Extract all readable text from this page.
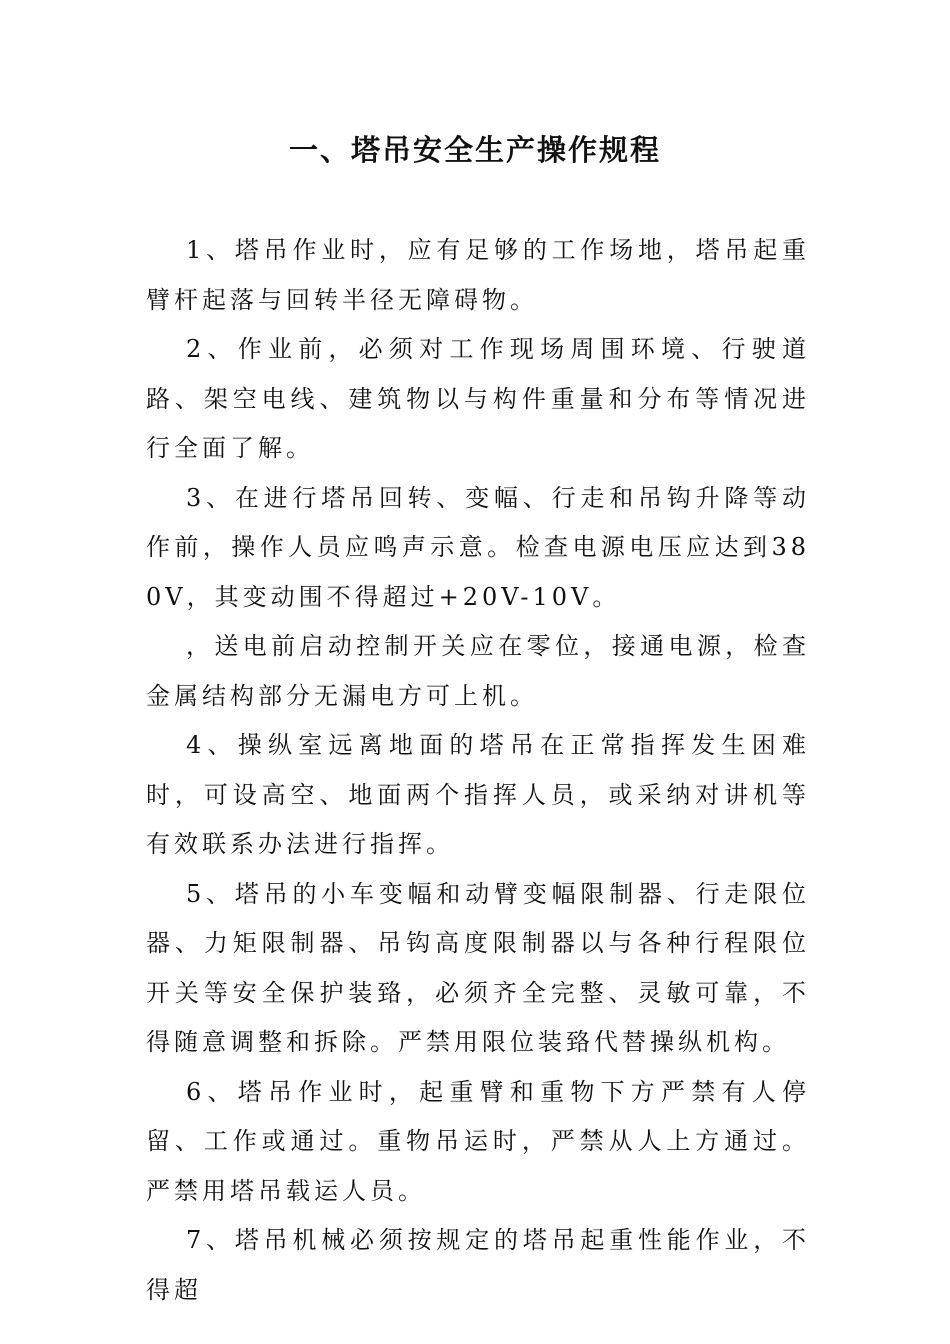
一、塔吊安全生产操作规程

1、塔吊作业时，应有足够的工作场地，塔吊起重臂杆起落与回转半径无障碍物。

2、作业前，必须对工作现场周围环境、行驶道路、架空电线、建筑物以与构件重量和分布等情况进行全面了解。

3、在进行塔吊回转、变幅、行走和吊钩升降等动作前，操作人员应鸣声示意。检查电源电压应达到380V，其变动围不得超过+20V-10V。

，送电前启动控制开关应在零位，接通电源，检查金属结构部分无漏电方可上机。

4、操纵室远离地面的塔吊在正常指挥发生困难时，可设高空、地面两个指挥人员，或采纳对讲机等有效联系办法进行指挥。

5、塔吊的小车变幅和动臂变幅限制器、行走限位器、力矩限制器、吊钩高度限制器以与各种行程限位开关等安全保护装臵，必须齐全完整、灵敏可靠，不得随意调整和拆除。严禁用限位装臵代替操纵机构。

6、塔吊作业时，起重臂和重物下方严禁有人停留、工作或通过。重物吊运时，严禁从人上方通过。严禁用塔吊载运人员。

7、塔吊机械必须按规定的塔吊起重性能作业，不得超
